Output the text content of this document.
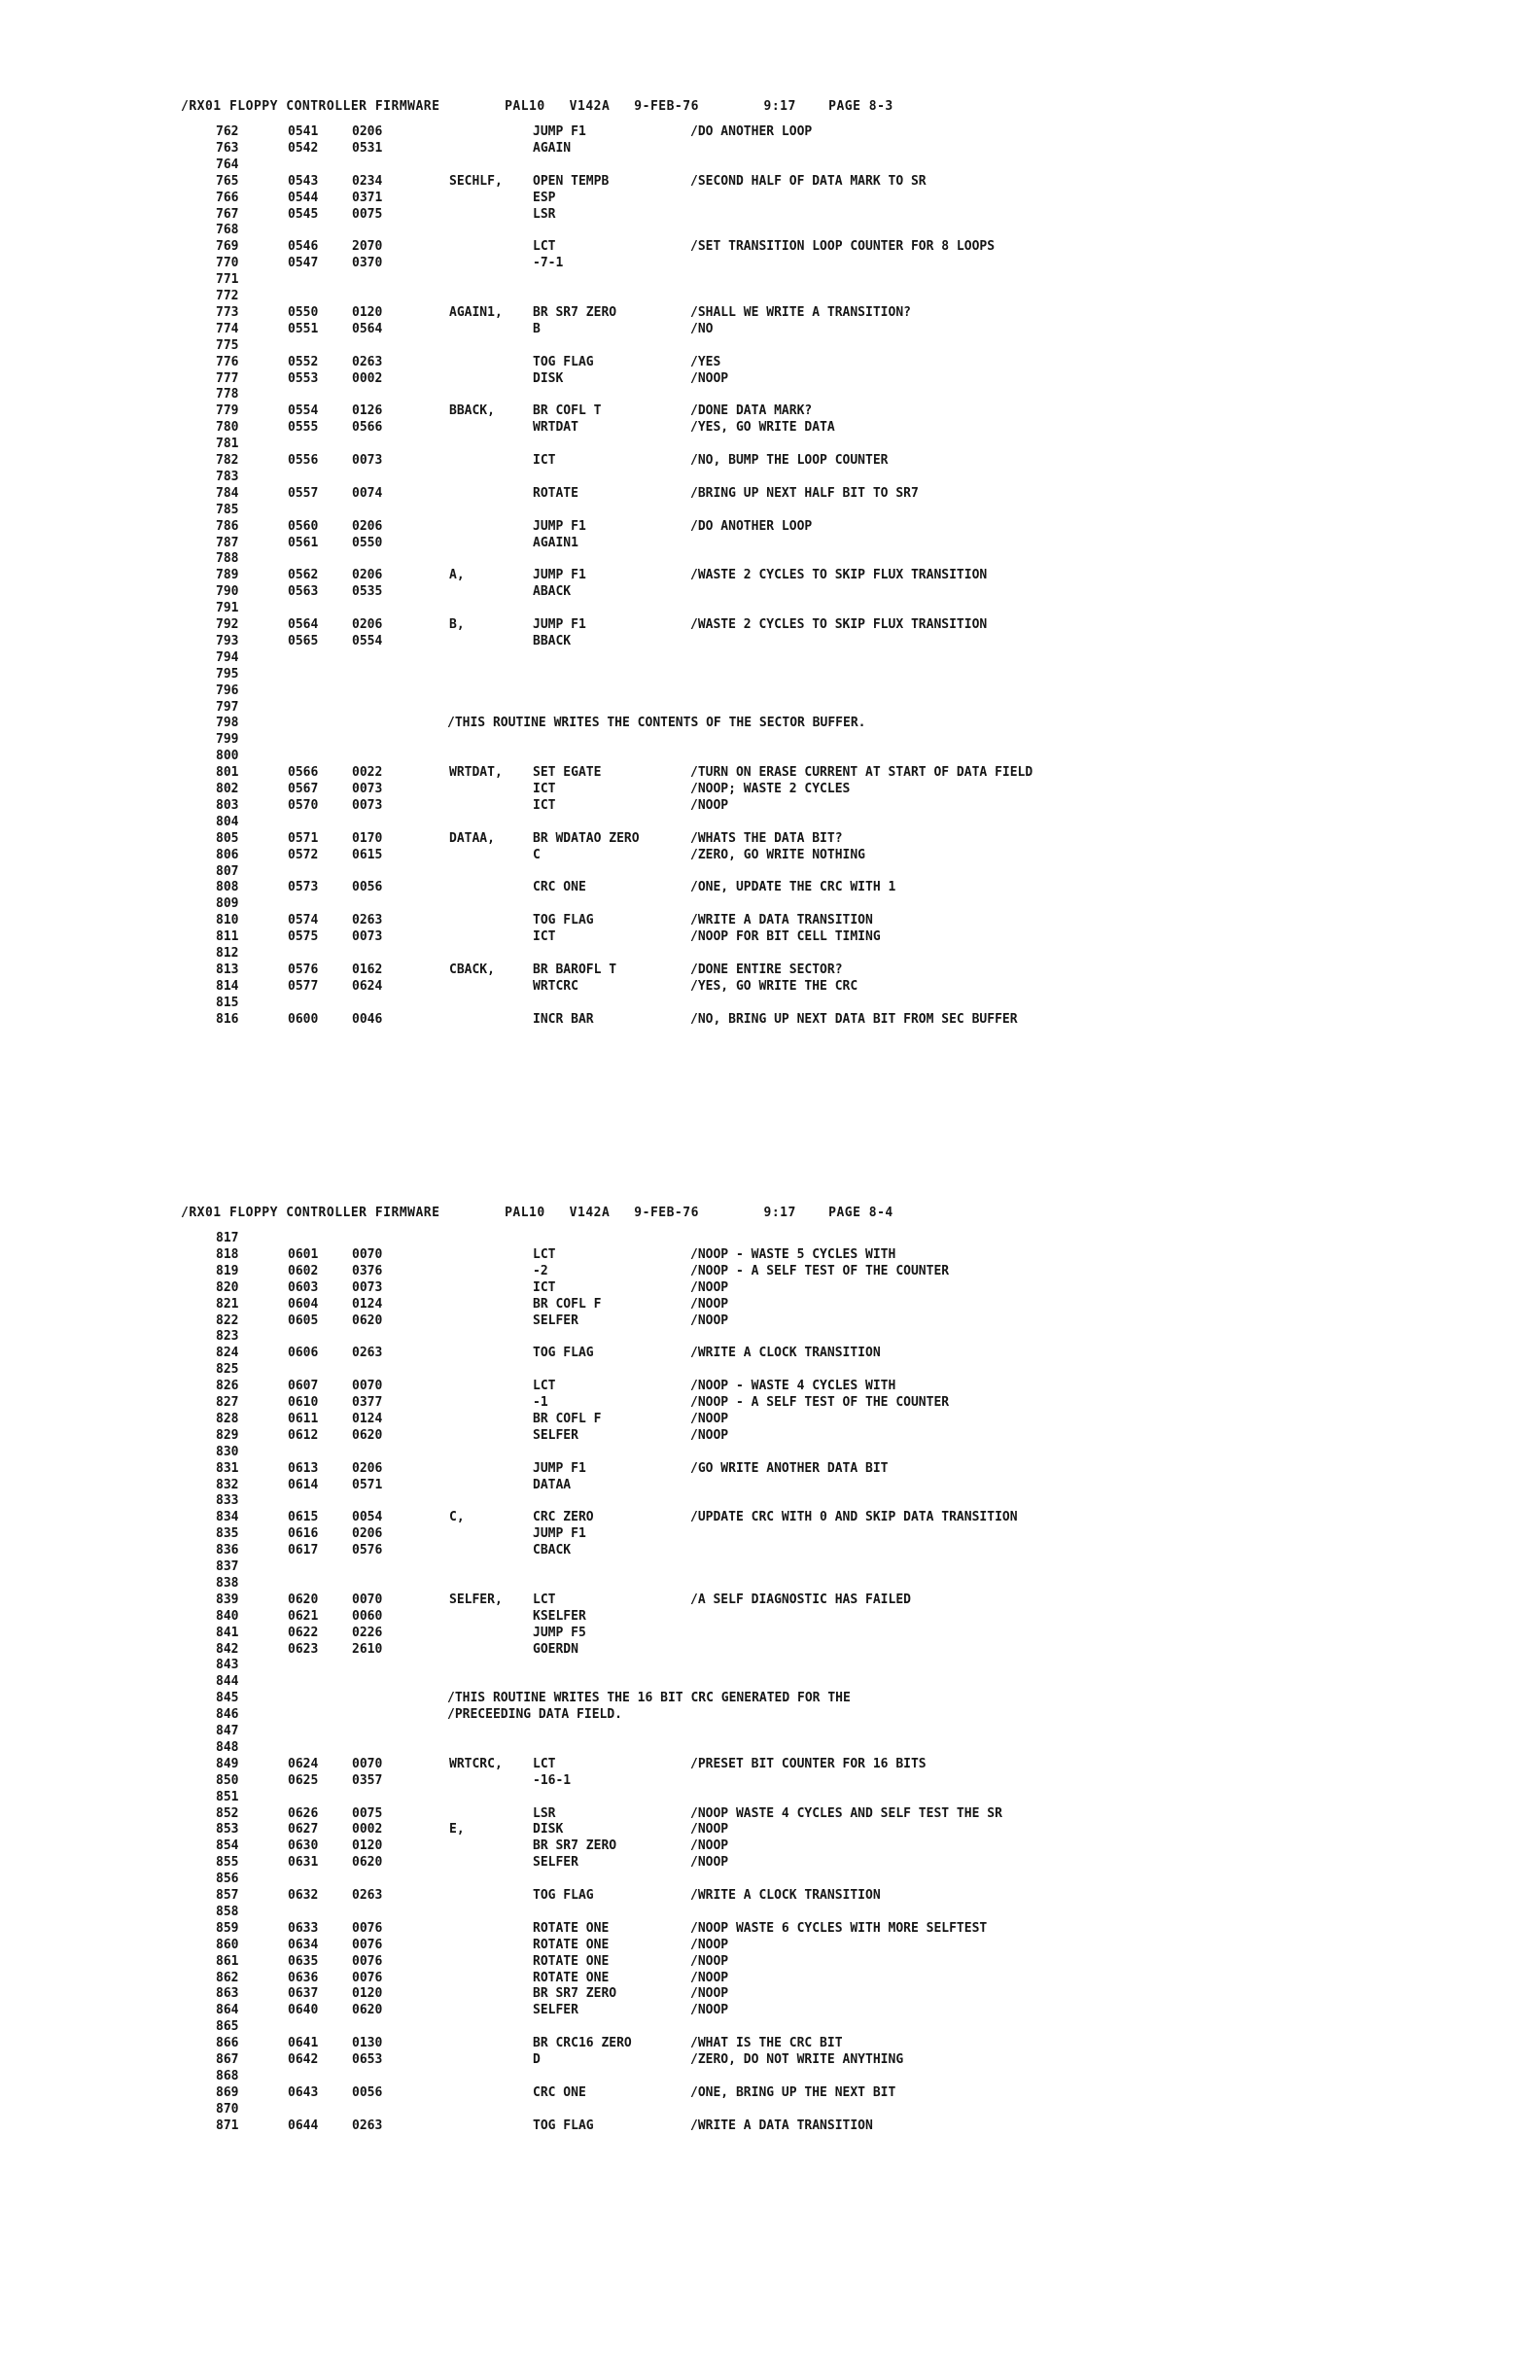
/RX01 FLOPPY CONTROLLER FIRMWARE        PAL10   V142A   9-FEB-76        9:17    PAGE 8-3
762	0541	0206	JUMP F1	/DO ANOTHER LOOP
763	0542	0531	AGAIN
764
765	0543	0234	SECHLF, OPEN TEMPB	/SECOND HALF OF DATA MARK TO SR
766	0544	0371	ESP
767	0545	0075	LSR
768
769	0546	2070	LCT	/SET TRANSITION LOOP COUNTER FOR 8 LOOPS
770	0547	0370	-7-1
771
772
773	0550	0120	AGAIN1, BR SR7 ZERO	/SHALL WE WRITE A TRANSITION?
774	0551	0564	B	/NO
775
776	0552	0263	TOG FLAG	/YES
777	0553	0002	DISK	/NOOP
778
779	0554	0126	BBACK,	BR COFL T	/DONE DATA MARK?
780	0555	0566	WRTDAT	/YES, GO WRITE DATA
781
782	0556	0073	ICT	/NO, BUMP THE LOOP COUNTER
783
784	0557	0074	ROTATE	/BRING UP NEXT HALF BIT TO SR7
785
786	0560	0206	JUMP F1	/DO ANOTHER LOOP
787	0561	0550	AGAIN1
788
789	0562	0206	A,	JUMP F1	/WASTE 2 CYCLES TO SKIP FLUX TRANSITION
790	0563	0535	ABACK
791
792	0564	0206	B,	JUMP F1	/WASTE 2 CYCLES TO SKIP FLUX TRANSITION
793	0565	0554	BBACK
794
795
796
797
798	/THIS ROUTINE WRITES THE CONTENTS OF THE SECTOR BUFFER.
799
800
801	0566	0022	WRTDAT, SET EGATE	/TURN ON ERASE CURRENT AT START OF DATA FIELD
802	0567	0073	ICT	/NOOP; WASTE 2 CYCLES
803	0570	0073	ICT	/NOOP
804
805	0571	0170	DATAA,	BR WDATAO ZERO	/WHATS THE DATA BIT?
806	0572	0615	C	/ZERO, GO WRITE NOTHING
807
808	0573	0056	CRC ONE	/ONE, UPDATE THE CRC WITH 1
809
810	0574	0263	TOG FLAG	/WRITE A DATA TRANSITION
811	0575	0073	ICT	/NOOP FOR BIT CELL TIMING
812
813	0576	0162	CBACK,	BR BAROFL T	/DONE ENTIRE SECTOR?
814	0577	0624	WRTCRC	/YES, GO WRITE THE CRC
815
816	0600	0046	INCR BAR	/NO, BRING UP NEXT DATA BIT FROM SEC BUFFER
/RX01 FLOPPY CONTROLLER FIRMWARE        PAL10   V142A   9-FEB-76        9:17    PAGE 8-4
817
818	0601	0070	LCT	/NOOP - WASTE 5 CYCLES WITH
819	0602	0376	-2	/NOOP - A SELF TEST OF THE COUNTER
820	0603	0073	ICT	/NOOP
821	0604	0124	BR COFL F	/NOOP
822	0605	0620	SELFER	/NOOP
823
824	0606	0263	TOG FLAG	/WRITE A CLOCK TRANSITION
825
826	0607	0070	LCT	/NOOP - WASTE 4 CYCLES WITH
827	0610	0377	-1	/NOOP - A SELF TEST OF THE COUNTER
828	0611	0124	BR COFL F	/NOOP
829	0612	0620	SELFER	/NOOP
830
831	0613	0206	JUMP F1	/GO WRITE ANOTHER DATA BIT
832	0614	0571	DATAA
833
834	0615	0054	C,	CRC ZERO	/UPDATE CRC WITH 0 AND SKIP DATA TRANSITION
835	0616	0206	JUMP F1
836	0617	0576	CBACK
837
838
839	0620	0070	SELFER, LCT	/A SELF DIAGNOSTIC HAS FAILED
840	0621	0060	KSELFER
841	0622	0226	JUMP F5
842	0623	2610	GOERDN
843
844
845	/THIS ROUTINE WRITES THE 16 BIT CRC GENERATED FOR THE
846	/PRECEEDING DATA FIELD.
847
848
849	0624	0070	WRTCRC, LCT	/PRESET BIT COUNTER FOR 16 BITS
850	0625	0357	-16-1
851
852	0626	0075	LSR	/NOOP WASTE 4 CYCLES AND SELF TEST THE SR
853	0627	0002	E,	DISK	/NOOP
854	0630	0120	BR SR7 ZERO	/NOOP
855	0631	0620	SELFER	/NOOP
856
857	0632	0263	TOG FLAG	/WRITE A CLOCK TRANSITION
858
859	0633	0076	ROTATE ONE	/NOOP WASTE 6 CYCLES WITH MORE SELFTEST
860	0634	0076	ROTATE ONE	/NOOP
861	0635	0076	ROTATE ONE	/NOOP
862	0636	0076	ROTATE ONE	/NOOP
863	0637	0120	BR SR7 ZERO	/NOOP
864	0640	0620	SELFER	/NOOP
865
866	0641	0130	BR CRC16 ZERO	/WHAT IS THE CRC BIT
867	0642	0653	D	/ZERO, DO NOT WRITE ANYTHING
868
869	0643	0056	CRC ONE	/ONE, BRING UP THE NEXT BIT
870
871	0644	0263	TOG FLAG	/WRITE A DATA TRANSITION
